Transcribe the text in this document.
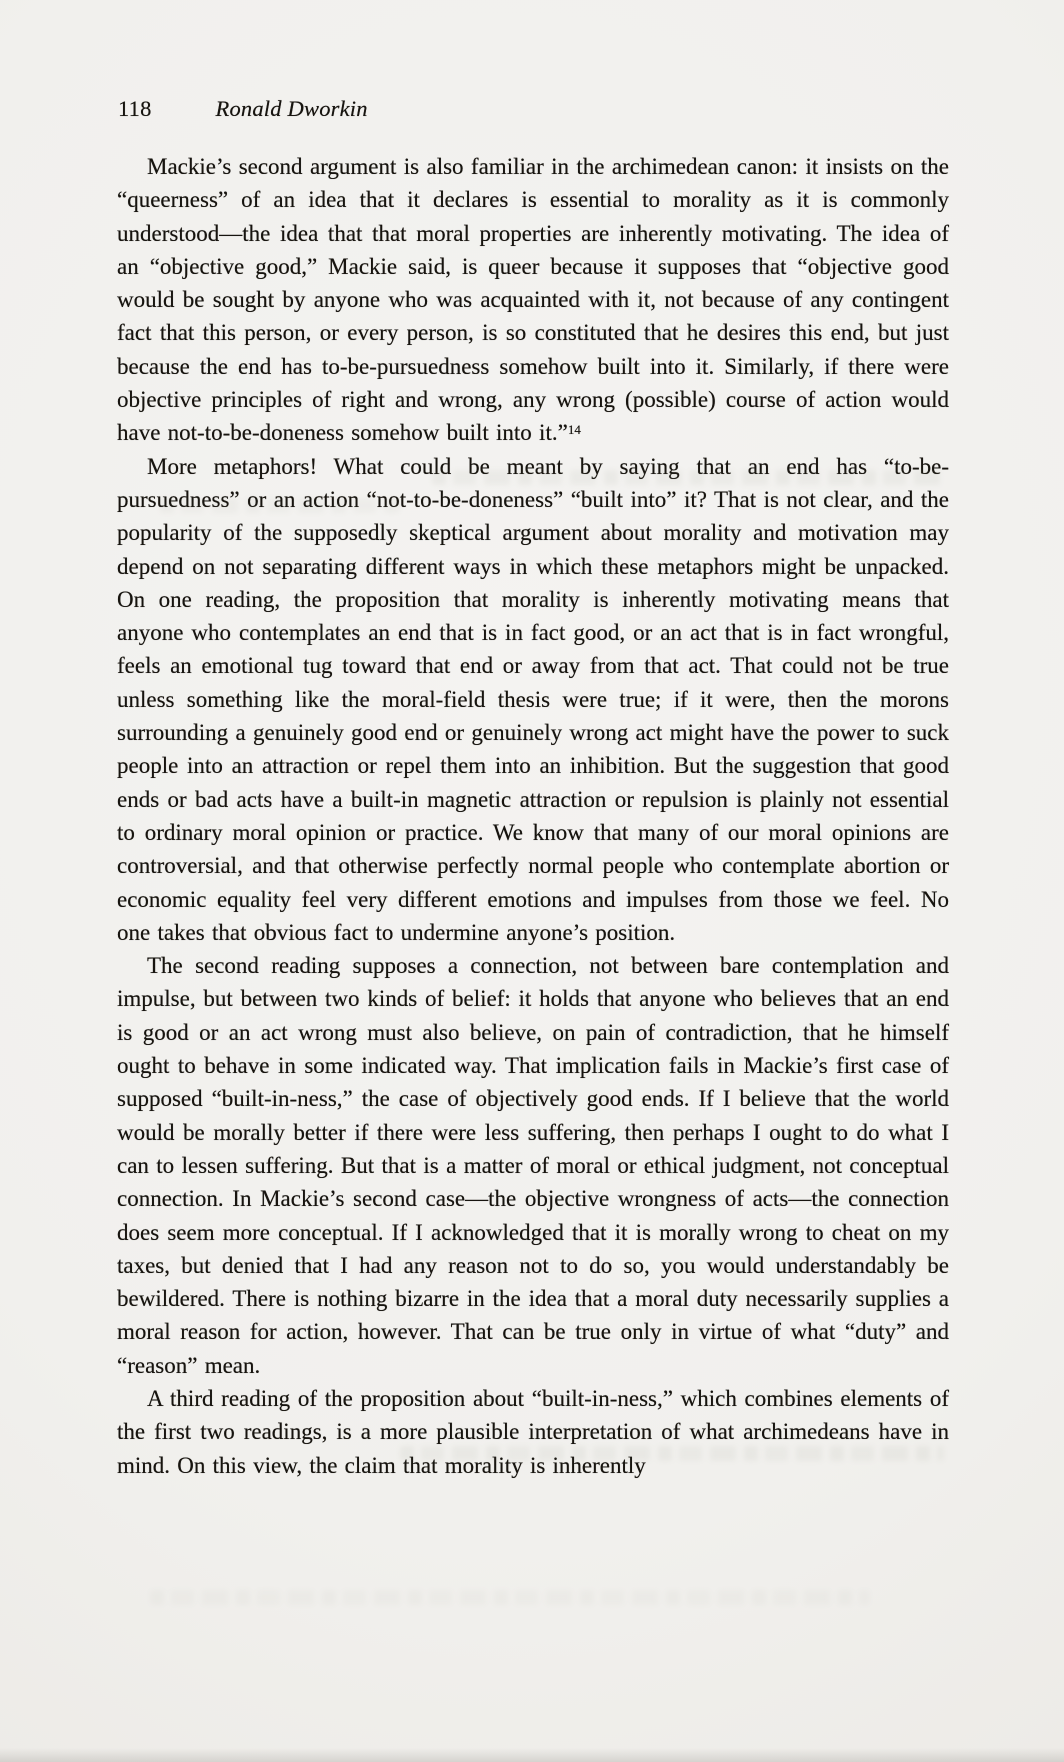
118	Ronald Dworkin

Mackie’s second argument is also familiar in the archimedean canon: it insists on the “queerness” of an idea that it declares is essential to morality as it is commonly understood—the idea that that moral properties are inherently motivating. The idea of an “objective good,” Mackie said, is queer because it supposes that “objective good would be sought by anyone who was acquainted with it, not because of any contingent fact that this person, or every person, is so constituted that he desires this end, but just because the end has to-be-pursuedness somehow built into it. Similarly, if there were objective principles of right and wrong, any wrong (possible) course of action would have not-to-be-doneness somehow built into it.”$^{14}$

More metaphors! What could be meant by saying that an end has “to-be-pursuedness” or an action “not-to-be-doneness” “built into” it? That is not clear, and the popularity of the supposedly skeptical argument about morality and motivation may depend on not separating different ways in which these metaphors might be unpacked. On one reading, the proposition that morality is inherently motivating means that anyone who contemplates an end that is in fact good, or an act that is in fact wrongful, feels an emotional tug toward that end or away from that act. That could not be true unless something like the moral-field thesis were true; if it were, then the morons surrounding a genuinely good end or genuinely wrong act might have the power to suck people into an attraction or repel them into an inhibition. But the suggestion that good ends or bad acts have a built-in magnetic attraction or repulsion is plainly not essential to ordinary moral opinion or practice. We know that many of our moral opinions are controversial, and that otherwise perfectly normal people who contemplate abortion or economic equality feel very different emotions and impulses from those we feel. No one takes that obvious fact to undermine anyone’s position.

The second reading supposes a connection, not between bare contemplation and impulse, but between two kinds of belief: it holds that anyone who believes that an end is good or an act wrong must also believe, on pain of contradiction, that he himself ought to behave in some indicated way. That implication fails in Mackie’s first case of supposed “built-in-ness,” the case of objectively good ends. If I believe that the world would be morally better if there were less suffering, then perhaps I ought to do what I can to lessen suffering. But that is a matter of moral or ethical judgment, not conceptual connection. In Mackie’s second case—the objective wrongness of acts—the connection does seem more conceptual. If I acknowledged that it is morally wrong to cheat on my taxes, but denied that I had any reason not to do so, you would understandably be bewildered. There is nothing bizarre in the idea that a moral duty necessarily supplies a moral reason for action, however. That can be true only in virtue of what “duty” and “reason” mean.

A third reading of the proposition about “built-in-ness,” which combines elements of the first two readings, is a more plausible interpretation of what archimedeans have in mind. On this view, the claim that morality is inherently
